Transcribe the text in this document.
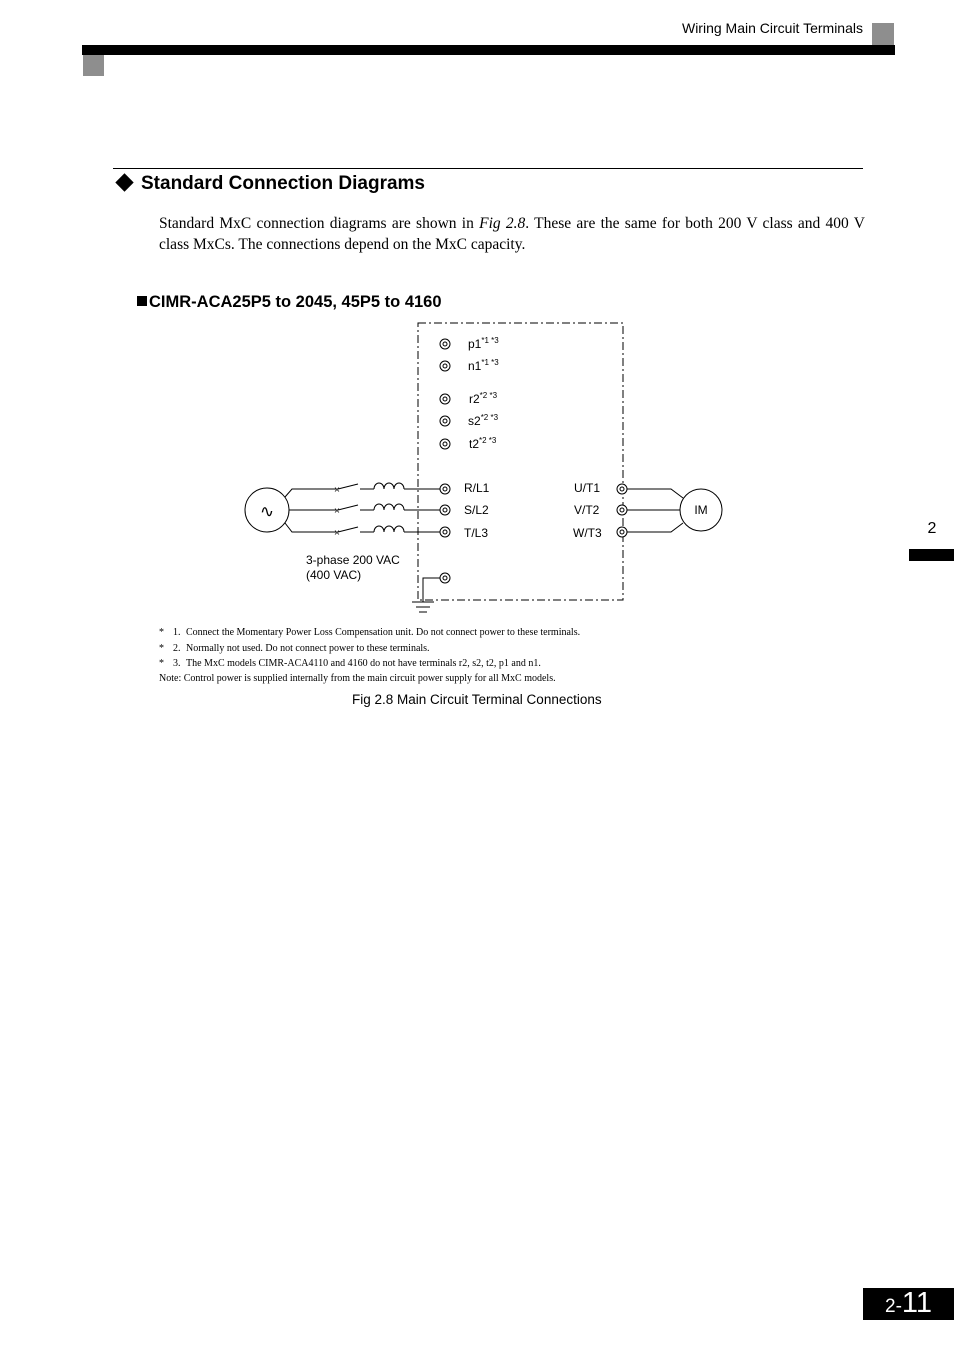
Wiring Main Circuit Terminals
Standard Connection Diagrams
Standard MxC connection diagrams are shown in Fig 2.8. These are the same for both 200 V class and 400 V class MxCs. The connections depend on the MxC capacity.
CIMR-ACA25P5 to 2045, 45P5 to 4160
$p1^{*1 *3}$
$n1^{*1 *3}$
$r2^{*2 *3}$
$s2^{*2 *3}$
$t2^{*2 *3}$
∿
×
×
×
R/L1
S/L2
T/L3
U/T1
V/T2
W/T3
IM
3-phase 200 VAC
(400 VAC)
* 1. Connect the Momentary Power Loss Compensation unit. Do not connect power to these terminals.
* 2. Normally not used. Do not connect power to these terminals.
* 3. The MxC models CIMR-ACA4110 and 4160 do not have terminals r2, s2, t2, p1 and n1.
Note: Control power is supplied internally from the main circuit power supply for all MxC models.
Fig 2.8 Main Circuit Terminal Connections
2
2-11
